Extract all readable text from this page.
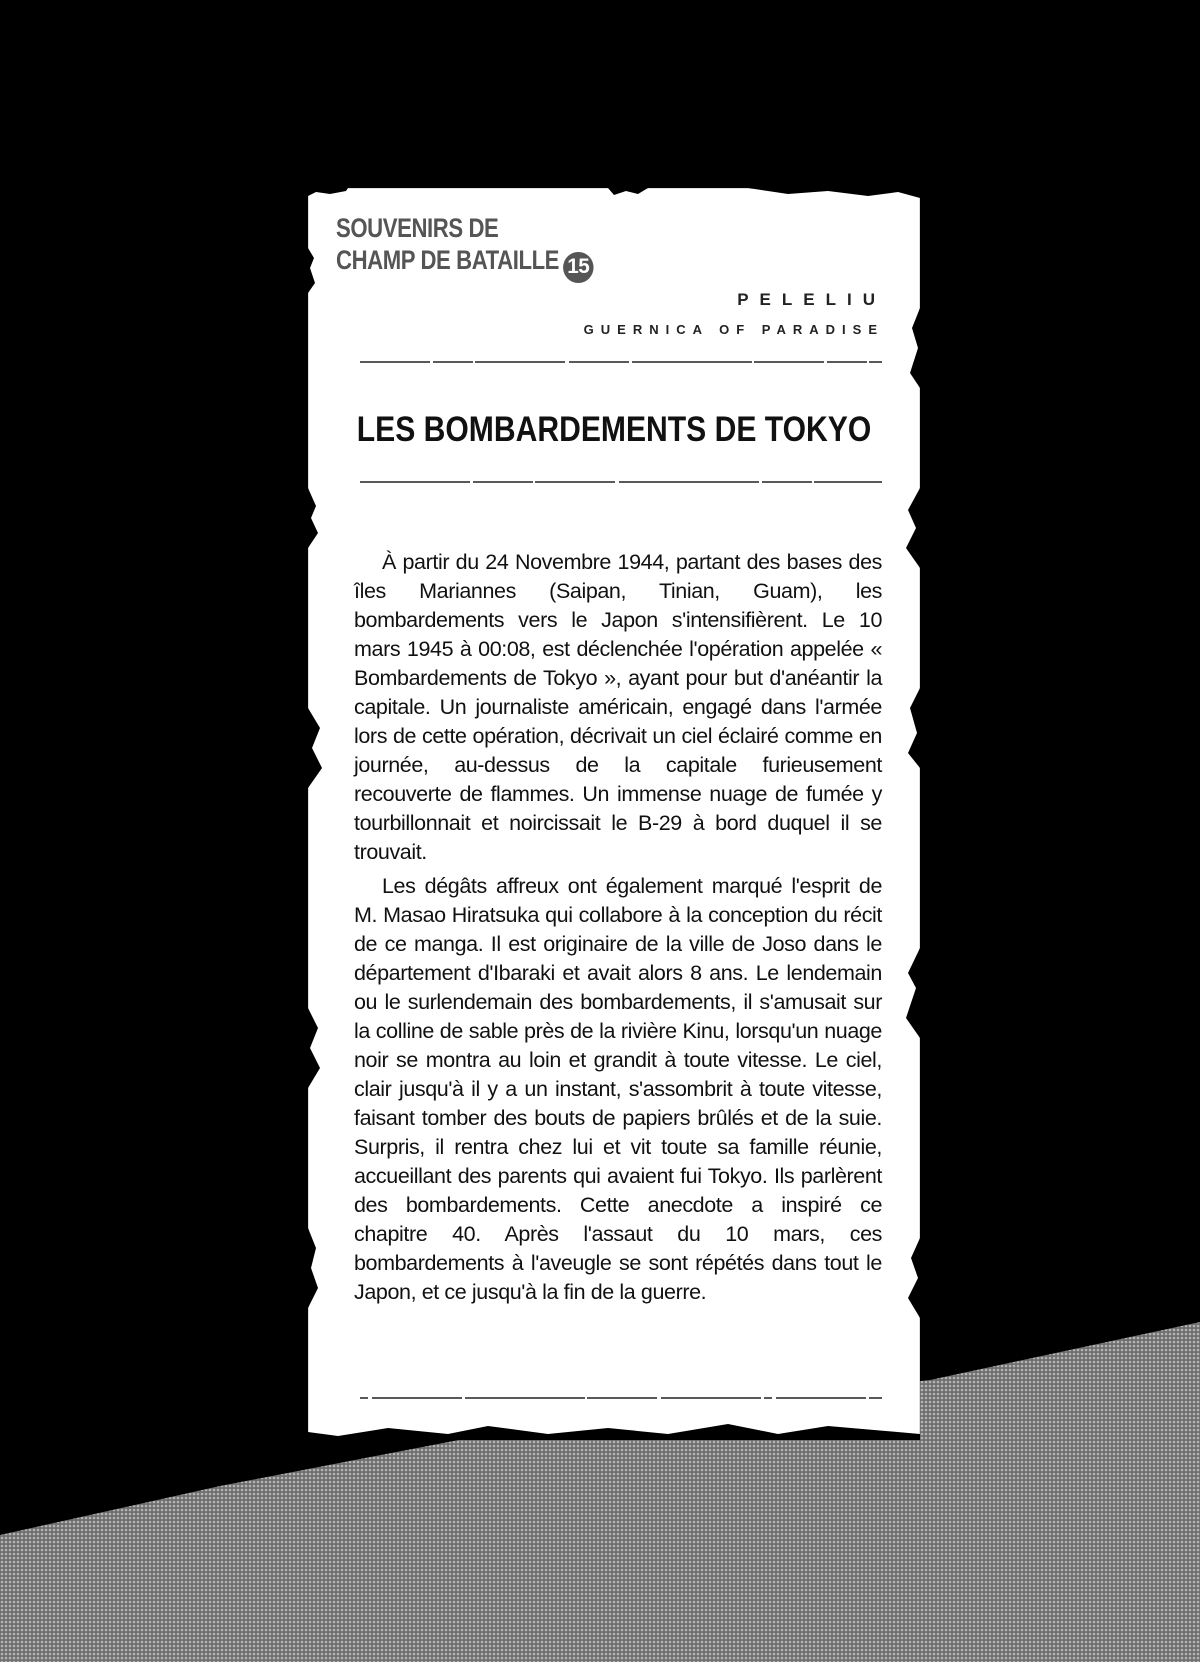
SOUVENIRS DE
CHAMP DE BATAILLE 15
PELELIU
GUERNICA OF PARADISE
LES BOMBARDEMENTS DE TOKYO

À partir du 24 Novembre 1944, partant des bases des îles Mariannes (Saipan, Tinian, Guam), les bombardements vers le Japon s'intensifièrent. Le 10 mars 1945 à 00:08, est déclenchée l'opération appelée « Bombardements de Tokyo », ayant pour but d'anéantir la capitale. Un journaliste américain, engagé dans l'armée lors de cette opération, décrivait un ciel éclairé comme en journée, au-dessus de la capitale furieusement recouverte de flammes. Un immense nuage de fumée y tourbillonnait et noircissait le B-29 à bord duquel il se trouvait.

Les dégâts affreux ont également marqué l'esprit de M. Masao Hiratsuka qui collabore à la conception du récit de ce manga. Il est originaire de la ville de Joso dans le département d'Ibaraki et avait alors 8 ans. Le lendemain ou le surlendemain des bombardements, il s'amusait sur la colline de sable près de la rivière Kinu, lorsqu'un nuage noir se montra au loin et grandit à toute vitesse. Le ciel, clair jusqu'à il y a un instant, s'assombrit à toute vitesse, faisant tomber des bouts de papiers brûlés et de la suie. Surpris, il rentra chez lui et vit toute sa famille réunie, accueillant des parents qui avaient fui Tokyo. Ils parlèrent des bombardements. Cette anecdote a inspiré ce chapitre 40. Après l'assaut du 10 mars, ces bombardements à l'aveugle se sont répétés dans tout le Japon, et ce jusqu'à la fin de la guerre.
